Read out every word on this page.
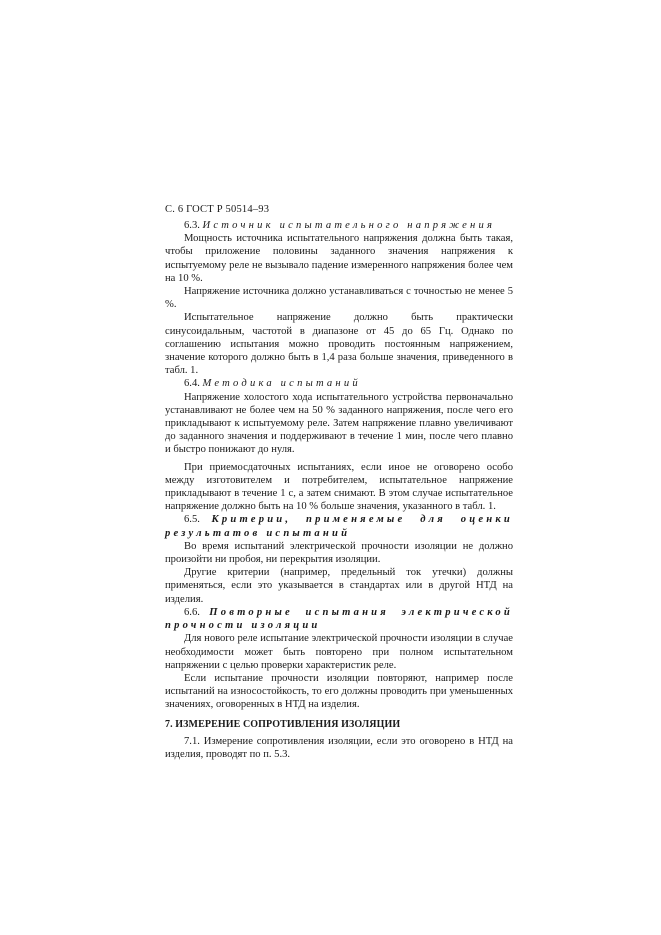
С. 6 ГОСТ Р 50514–93

6.3. Источник испытательного напряжения

Мощность источника испытательного напряжения должна быть такая, чтобы приложение половины заданного значения напряжения к испытуемому реле не вызывало падение измеренного напряжения более чем на 10 %.

Напряжение источника должно устанавливаться с точностью не менее 5 %.

Испытательное напряжение должно быть практически синусоидальным, частотой в диапазоне от 45 до 65 Гц. Однако по соглашению испытания можно проводить постоянным напряжением, значение которого должно быть в 1,4 раза больше значения, приведенного в табл. 1.

6.4. Методика испытаний

Напряжение холостого хода испытательного устройства первоначально устанавливают не более чем на 50 % заданного напряжения, после чего его прикладывают к испытуемому реле. Затем напряжение плавно увеличивают до заданного значения и поддерживают в течение 1 мин, после чего плавно и быстро понижают до нуля.

При приемосдаточных испытаниях, если иное не оговорено особо между изготовителем и потребителем, испытательное напряжение прикладывают в течение 1 с, а затем снимают. В этом случае испытательное напряжение должно быть на 10 % больше значения, указанного в табл. 1.

6.5. Критерии, применяемые для оценки результатов испытаний

Во время испытаний электрической прочности изоляции не должно произойти ни пробоя, ни перекрытия изоляции.

Другие критерии (например, предельный ток утечки) должны применяться, если это указывается в стандартах или в другой НТД на изделия.

6.6. Повторные испытания электрической прочности изоляции

Для нового реле испытание электрической прочности изоляции в случае необходимости может быть повторено при полном испытательном напряжении с целью проверки характеристик реле.

Если испытание прочности изоляции повторяют, например после испытаний на износостойкость, то его должны проводить при уменьшенных значениях, оговоренных в НТД на изделия.

7. ИЗМЕРЕНИЕ СОПРОТИВЛЕНИЯ ИЗОЛЯЦИИ

7.1. Измерение сопротивления изоляции, если это оговорено в НТД на изделия, проводят по п. 5.3.
